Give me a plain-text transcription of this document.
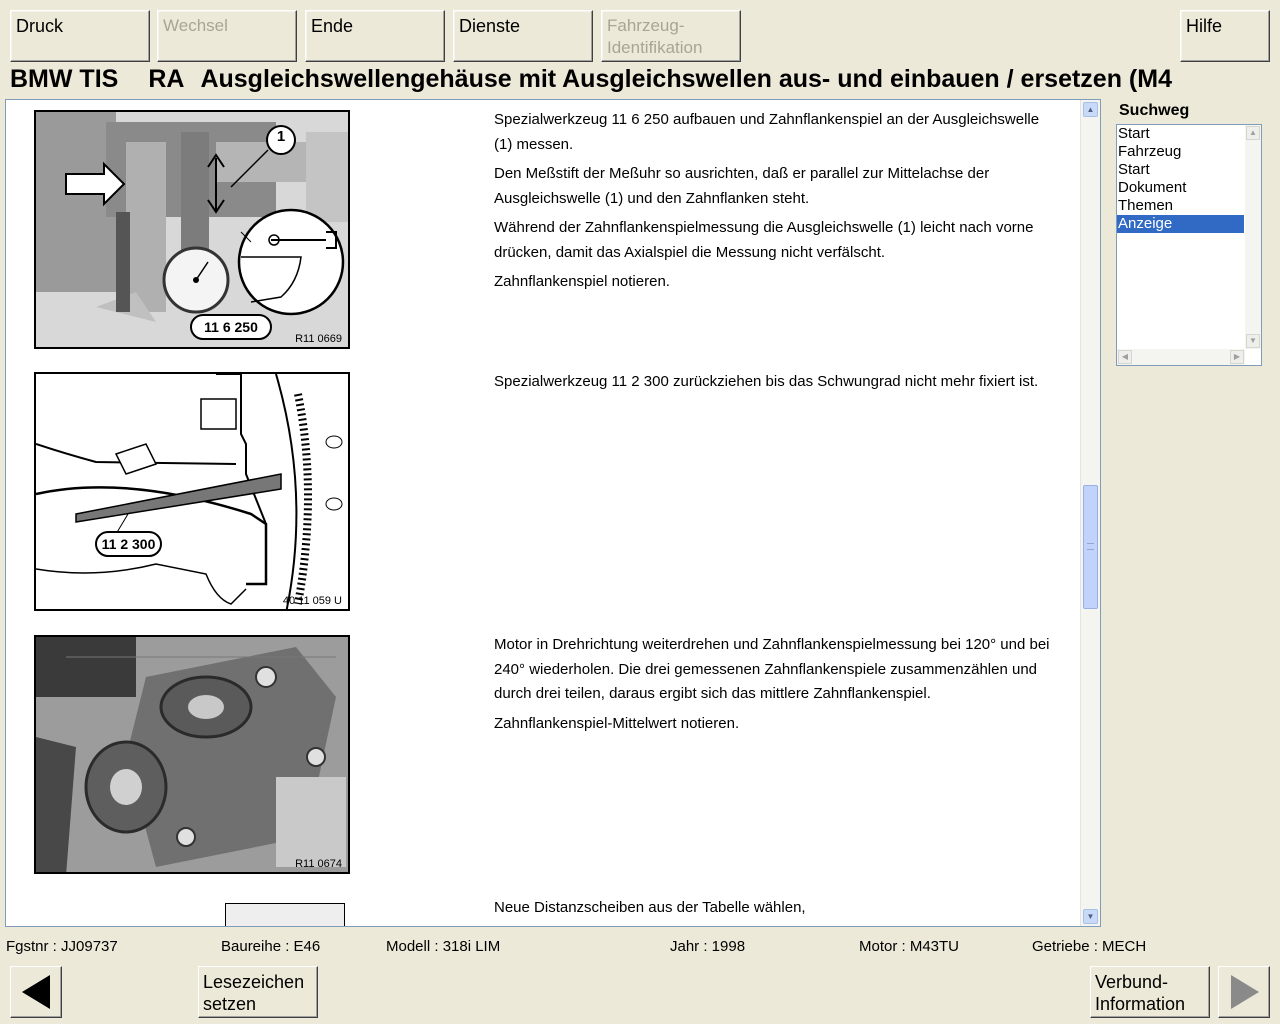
Druck	Wechsel	Ende	Dienste	Fahrzeug-
Identifikation
Hilfe
BMW TIS RA Ausgleichswellengehäuse mit Ausgleichswellen aus- und einbauen / ersetzen (M4
1
11 6 250
R11 0669

Spezialwerkzeug 11 6 250 aufbauen und Zahnflankenspiel an der Ausgleichswelle (1) messen.

Den Meßstift der Meßuhr so ausrichten, daß er parallel zur Mittelachse der Ausgleichswelle (1) und den Zahnflanken steht.

Während der Zahnflankenspielmessung die Ausgleichswelle (1) leicht nach vorne drücken, damit das Axialspiel die Messung nicht verfälscht.

Zahnflankenspiel notieren.

11 2 300
40 11 059 U

Spezialwerkzeug 11 2 300 zurückziehen bis das Schwungrad nicht mehr fixiert ist.

R11 0674

Motor in Drehrichtung weiterdrehen und Zahnflankenspielmessung bei 120° und bei 240° wiederholen. Die drei gemessenen Zahnflankenspiele zusammenzählen und durch drei teilen, daraus ergibt sich das mittlere Zahnflankenspiel.

Zahnflankenspiel-Mittelwert notieren.

Neue Distanzscheiben aus der Tabelle wählen,

▲
▼
Suchweg
Start
Fahrzeug
Start
Dokument
Themen
Anzeige
▲
▼
◀	▶
Fgstnr : JJ09737	Baureihe : E46	Modell : 318i LIM	Jahr : 1998	Motor : M43TU	Getriebe : MECH
Lesezeichen
setzen
Verbund-
Information
